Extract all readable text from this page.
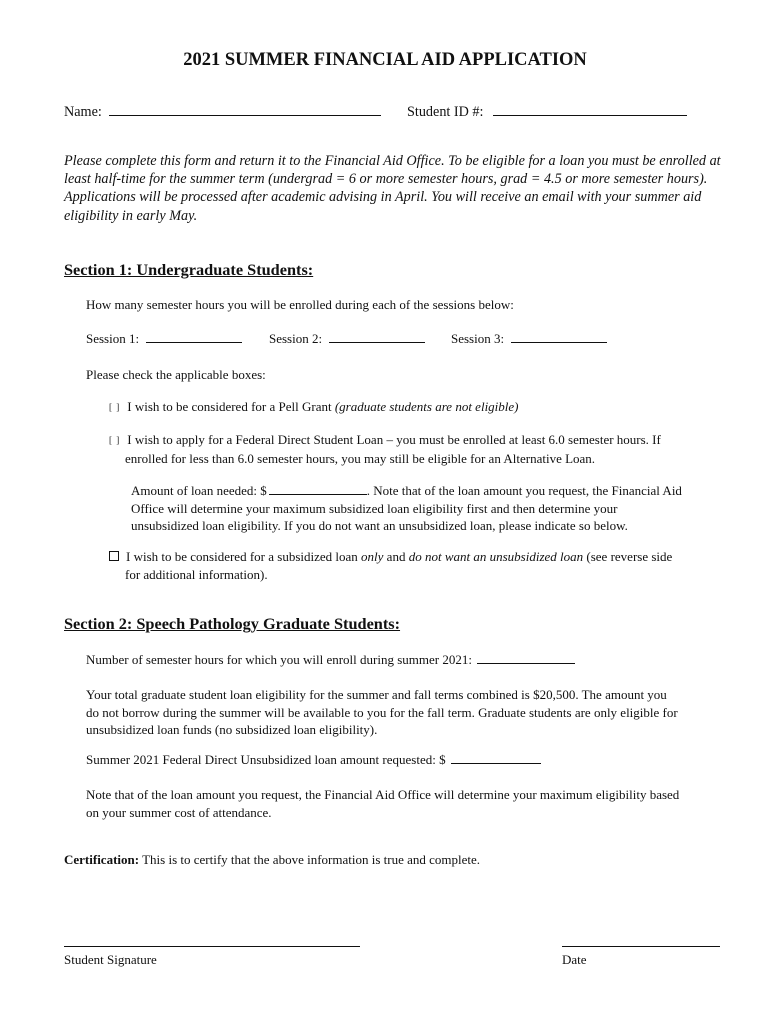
2021 SUMMER FINANCIAL AID APPLICATION
Name:	Student ID #:

Please complete this form and return it to the Financial Aid Office. To be eligible for a loan you must be enrolled at least half-time for the summer term (undergrad = 6 or more semester hours, grad = 4.5 or more semester hours). Applications will be processed after academic advising in April. You will receive an email with your summer aid eligibility in early May.

Section 1: Undergraduate Students:
How many semester hours you will be enrolled during each of the sessions below:
Session 1:	Session 2:	Session 3:
Please check the applicable boxes:
[ ] I wish to be considered for a Pell Grant (graduate students are not eligible)
[ ] I wish to apply for a Federal Direct Student Loan – you must be enrolled at least 6.0 semester hours. If
enrolled for less than 6.0 semester hours, you may still be eligible for an Alternative Loan.
Amount of loan needed: $	. Note that of the loan amount you request, the Financial Aid
Office will determine your maximum subsidized loan eligibility first and then determine your
unsubsidized loan eligibility. If you do not want an unsubsidized loan, please indicate so below.
I wish to be considered for a subsidized loan only and do not want an unsubsidized loan (see reverse side
for additional information).
Section 2: Speech Pathology Graduate Students:
Number of semester hours for which you will enroll during summer 2021:
Your total graduate student loan eligibility for the summer and fall terms combined is $20,500. The amount you
do not borrow during the summer will be available to you for the fall term. Graduate students are only eligible for
unsubsidized loan funds (no subsidized loan eligibility).
Summer 2021 Federal Direct Unsubsidized loan amount requested: $
Note that of the loan amount you request, the Financial Aid Office will determine your maximum eligibility based
on your summer cost of attendance.
Certification: This is to certify that the above information is true and complete.
Student Signature	Date
